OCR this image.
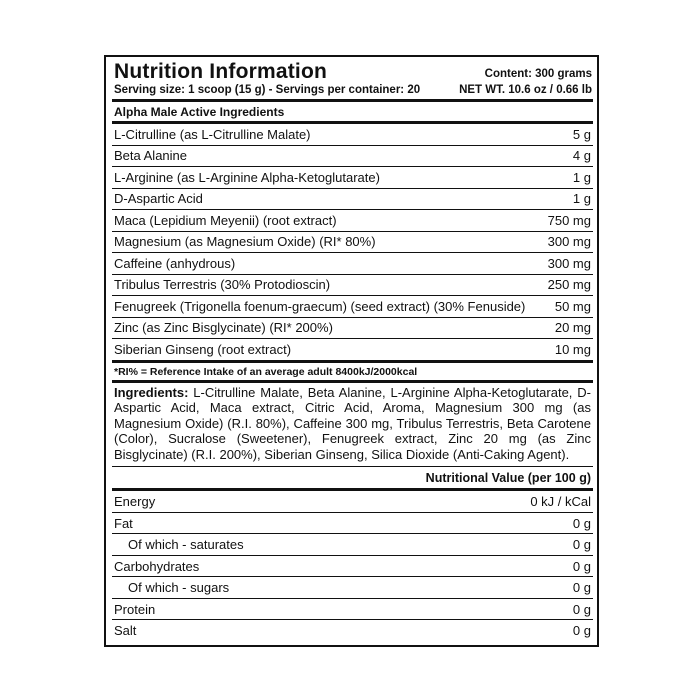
Nutrition Information	Content: 300 grams
Serving size: 1 scoop (15 g) - Servings per container: 20	NET WT. 10.6 oz / 0.66 lb
Alpha Male Active Ingredients
L-Citrulline (as L-Citrulline Malate)	5 g
Beta Alanine	4 g
L-Arginine (as L-Arginine Alpha-Ketoglutarate)	1 g
D-Aspartic Acid	1 g
Maca (Lepidium Meyenii) (root extract)	750 mg
Magnesium (as Magnesium Oxide) (RI* 80%)	300 mg
Caffeine (anhydrous)	300 mg
Tribulus Terrestris (30% Protodioscin)	250 mg
Fenugreek (Trigonella foenum-graecum) (seed extract) (30% Fenuside) 50 mg
Zinc (as Zinc Bisglycinate) (RI* 200%)	20 mg
Siberian Ginseng (root extract)	10 mg
*RI% = Reference Intake of an average adult 8400kJ/2000kcal
Ingredients: L-Citrulline Malate, Beta Alanine, L-Arginine Alpha-Ketoglutarate, D-Aspartic Acid, Maca extract, Citric Acid, Aroma, Magnesium 300 mg (as Magnesium Oxide) (R.I. 80%), Caffeine 300 mg, Tribulus Terrestris, Beta Carotene (Color), Sucralose (Sweetener), Fenugreek extract, Zinc 20 mg (as Zinc Bisglycinate) (R.I. 200%), Siberian Ginseng, Silica Dioxide (Anti-Caking Agent).
Nutritional Value (per 100 g)
Energy	0 kJ / kCal
Fat	0 g
Of which - saturates	0 g
Carbohydrates	0 g
Of which - sugars	0 g
Protein	0 g
Salt	0 g
